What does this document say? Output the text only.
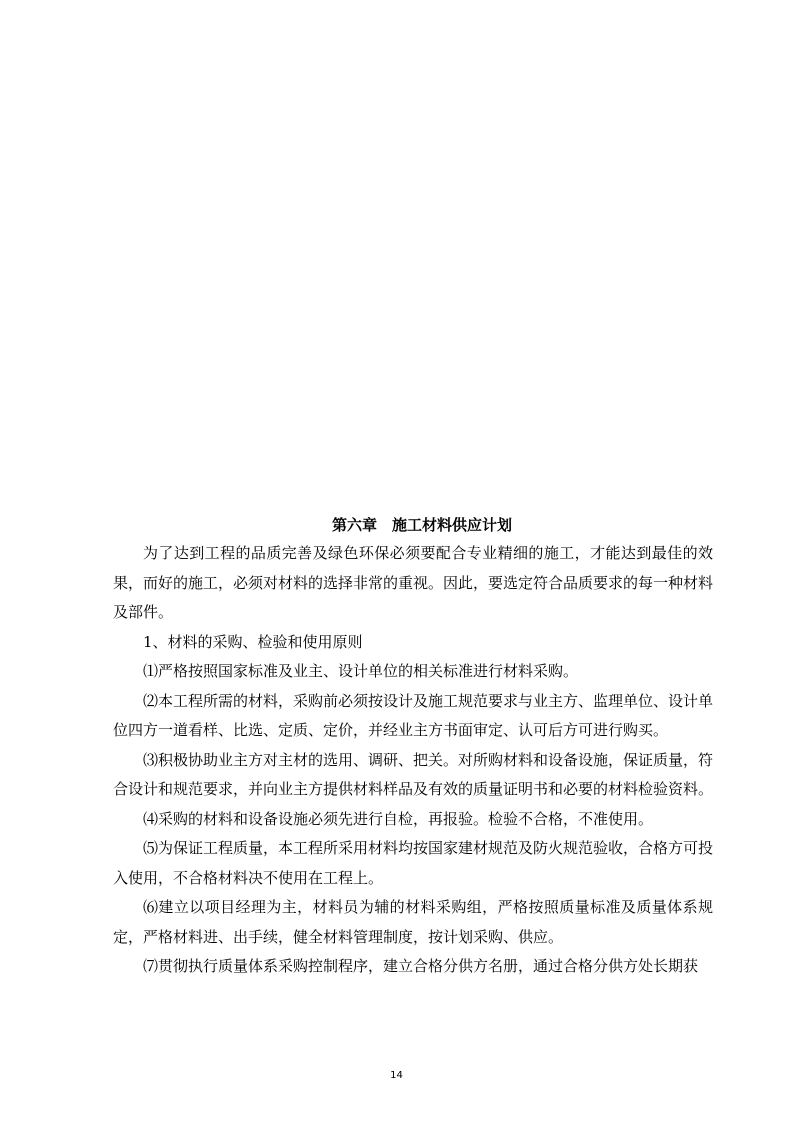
第六章　施工材料供应计划

为了达到工程的品质完善及绿色环保必须要配合专业精细的施工，才能达到最佳的效果，而好的施工，必须对材料的选择非常的重视。因此，要选定符合品质要求的每一种材料及部件。

1、材料的采购、检验和使用原则

⑴严格按照国家标准及业主、设计单位的相关标准进行材料采购。

⑵本工程所需的材料，采购前必须按设计及施工规范要求与业主方、监理单位、设计单位四方一道看样、比选、定质、定价，并经业主方书面审定、认可后方可进行购买。

⑶积极协助业主方对主材的选用、调研、把关。对所购材料和设备设施，保证质量，符合设计和规范要求，并向业主方提供材料样品及有效的质量证明书和必要的材料检验资料。

⑷采购的材料和设备设施必须先进行自检，再报验。检验不合格，不准使用。

⑸为保证工程质量，本工程所采用材料均按国家建材规范及防火规范验收，合格方可投入使用，不合格材料决不使用在工程上。

⑹建立以项目经理为主，材料员为辅的材料采购组，严格按照质量标准及质量体系规定，严格材料进、出手续，健全材料管理制度，按计划采购、供应。

⑺贯彻执行质量体系采购控制程序，建立合格分供方名册，通过合格分供方处长期获

14
